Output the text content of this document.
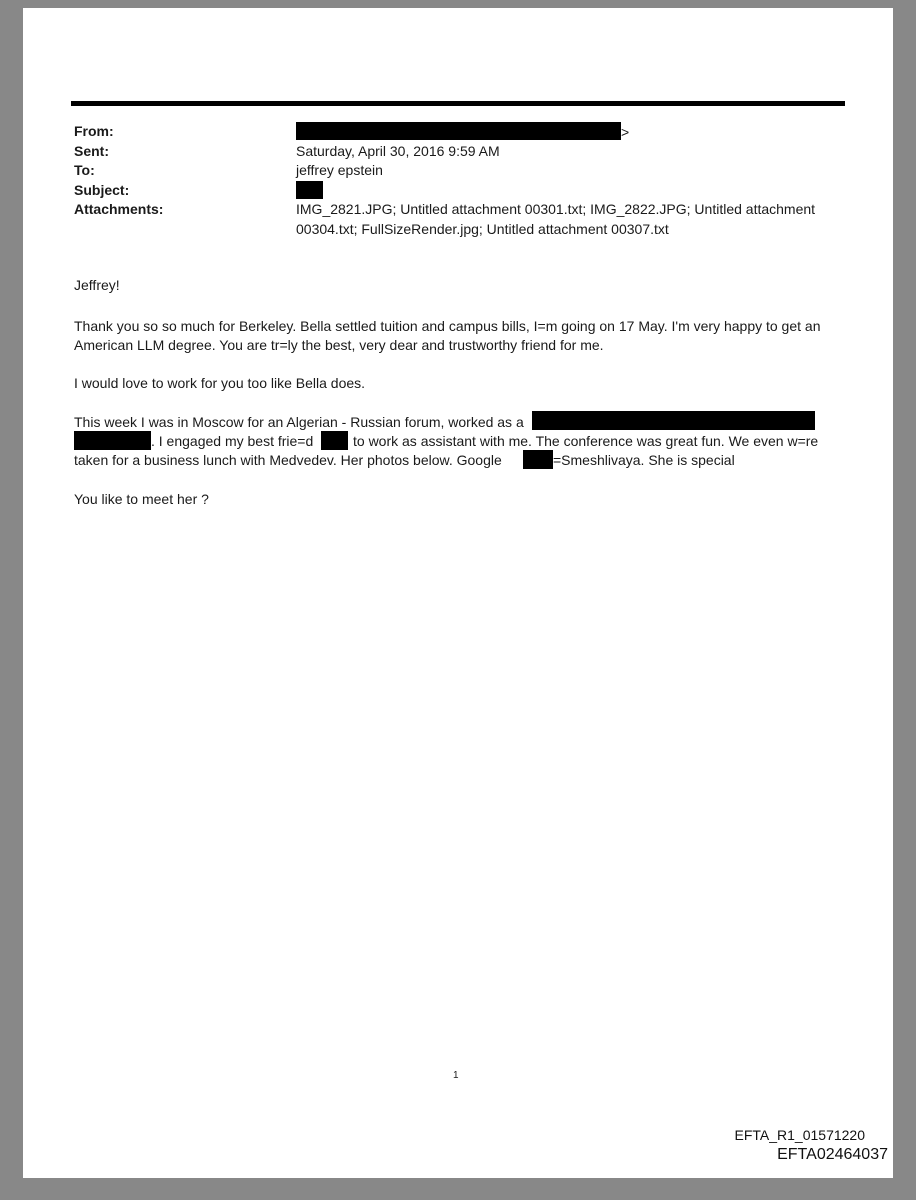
From:
Sent:
To:
Subject:
Attachments:
>
Saturday, April 30, 2016 9:59 AM
jeffrey epstein
IMG_2821.JPG; Untitled attachment 00301.txt; IMG_2822.JPG; Untitled attachment
00304.txt; FullSizeRender.jpg; Untitled attachment 00307.txt
Jeffrey!
Thank you so so much for Berkeley. Bella settled tuition and campus bills, I=m going on 17 May. I'm very happy to get an
American LLM degree. You are tr=ly the best, very dear and trustworthy friend for me.
I would love to work for you too like Bella does.
This week I was in Moscow for an Algerian - Russian forum, worked as a
. I engaged my best frie=d	to work as assistant with me. The conference was great fun. We even w=re
taken for a business lunch with Medvedev. Her photos below. Google	=Smeshlivaya. She is special
You like to meet her ?
1
EFTA_R1_01571220
EFTA02464037
